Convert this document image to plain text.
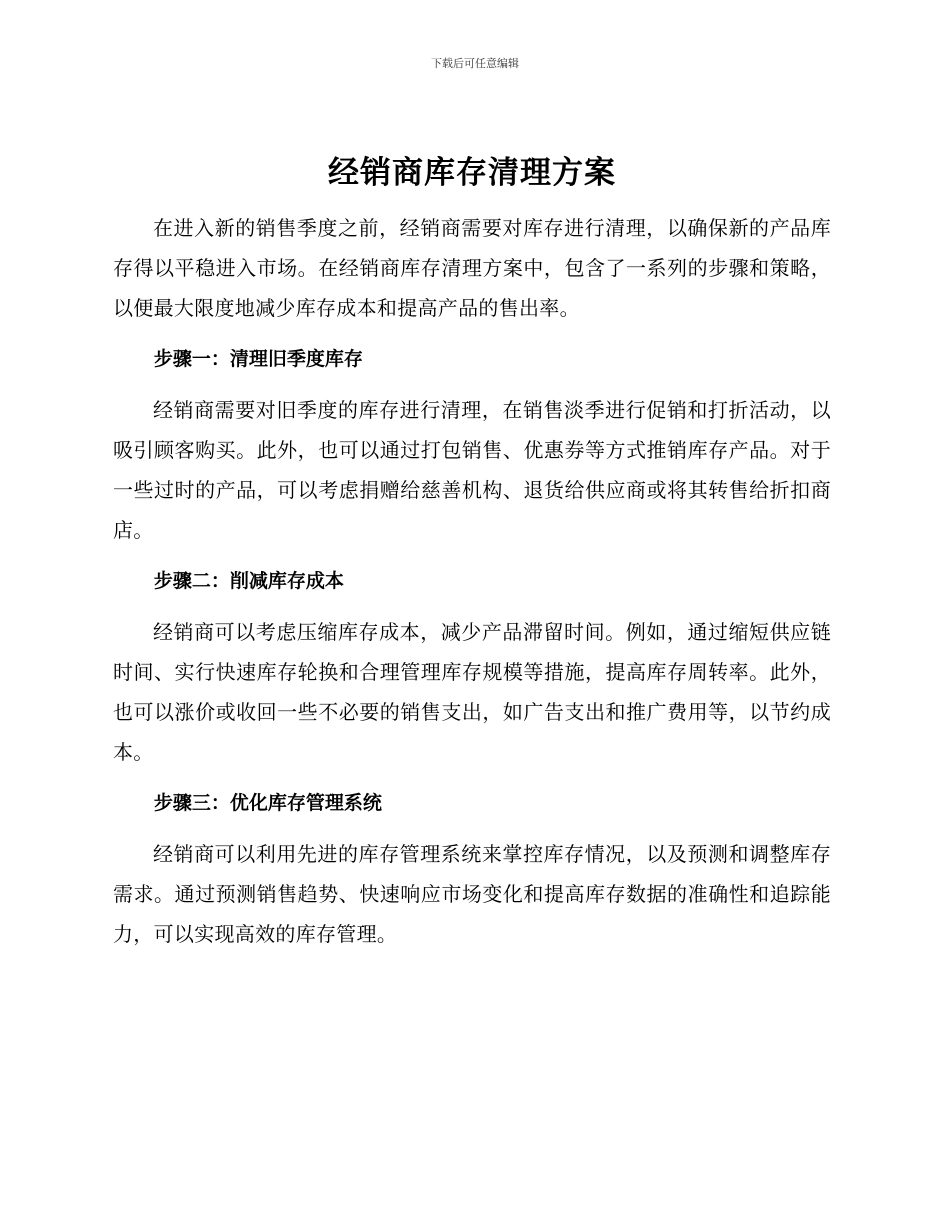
下载后可任意编辑
经销商库存清理方案

在进入新的销售季度之前，经销商需要对库存进行清理，以确保新的产品库存得以平稳进入市场。在经销商库存清理方案中，包含了一系列的步骤和策略，以便最大限度地减少库存成本和提高产品的售出率。

步骤一：清理旧季度库存

经销商需要对旧季度的库存进行清理，在销售淡季进行促销和打折活动，以吸引顾客购买。此外，也可以通过打包销售、优惠券等方式推销库存产品。对于一些过时的产品，可以考虑捐赠给慈善机构、退货给供应商或将其转售给折扣商店。

步骤二：削减库存成本

经销商可以考虑压缩库存成本，减少产品滞留时间。例如，通过缩短供应链时间、实行快速库存轮换和合理管理库存规模等措施，提高库存周转率。此外，也可以涨价或收回一些不必要的销售支出，如广告支出和推广费用等，以节约成本。

步骤三：优化库存管理系统

经销商可以利用先进的库存管理系统来掌控库存情况，以及预测和调整库存需求。通过预测销售趋势、快速响应市场变化和提高库存数据的准确性和追踪能力，可以实现高效的库存管理。
